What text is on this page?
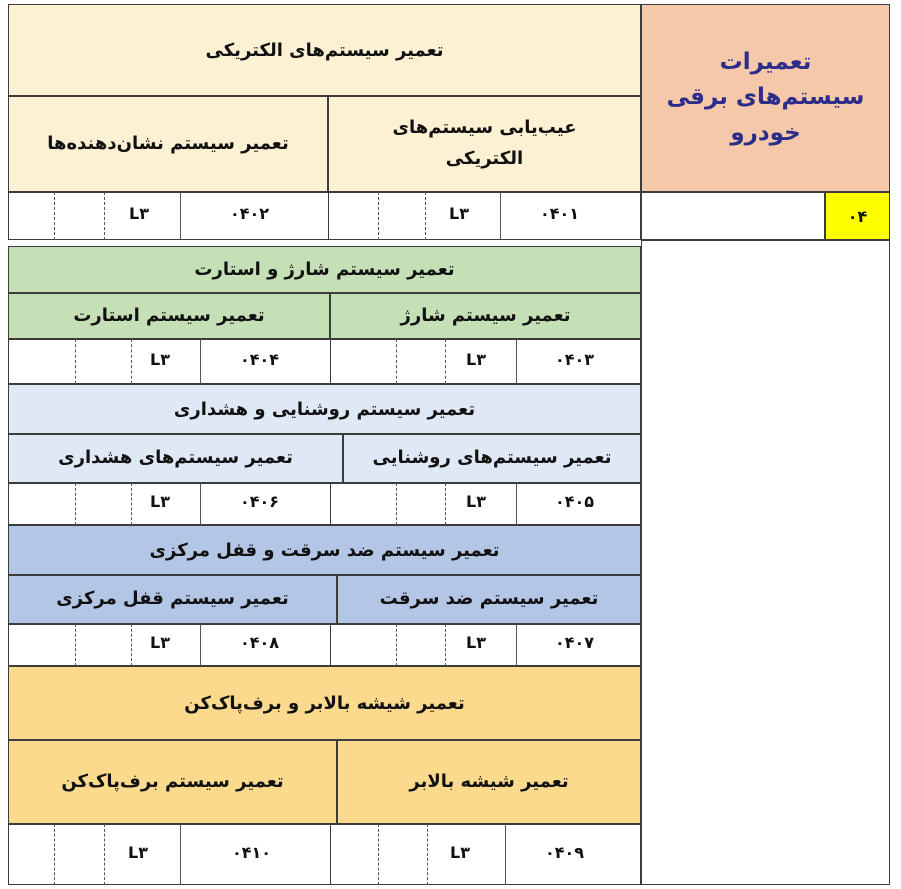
تعمیرات سیستم‌های برقی خودرو
۰۴
تعمیر سیستم‌های الکتریکی
عیب‌یابی سیستم‌های الکتریکی
تعمیر سیستم نشان‌دهنده‌ها
۰۴۰۱
L۳
۰۴۰۲
L۳
تعمیر سیستم شارژ و استارت
تعمیر سیستم شارژ
تعمیر سیستم استارت
۰۴۰۳
L۳
۰۴۰۴
L۳
تعمیر سیستم روشنایی و هشداری
تعمیر سیستم‌های روشنایی
تعمیر سیستم‌های هشداری
۰۴۰۵
L۳
۰۴۰۶
L۳
تعمیر سیستم ضد سرقت و قفل مرکزی
تعمیر سیستم ضد سرقت
تعمیر سیستم قفل مرکزی
۰۴۰۷
L۳
۰۴۰۸
L۳
تعمیر شیشه بالابر و برف‌پاک‌کن
تعمیر شیشه بالابر
تعمیر سیستم برف‌پاک‌کن
۰۴۰۹
L۳
۰۴۱۰
L۳
